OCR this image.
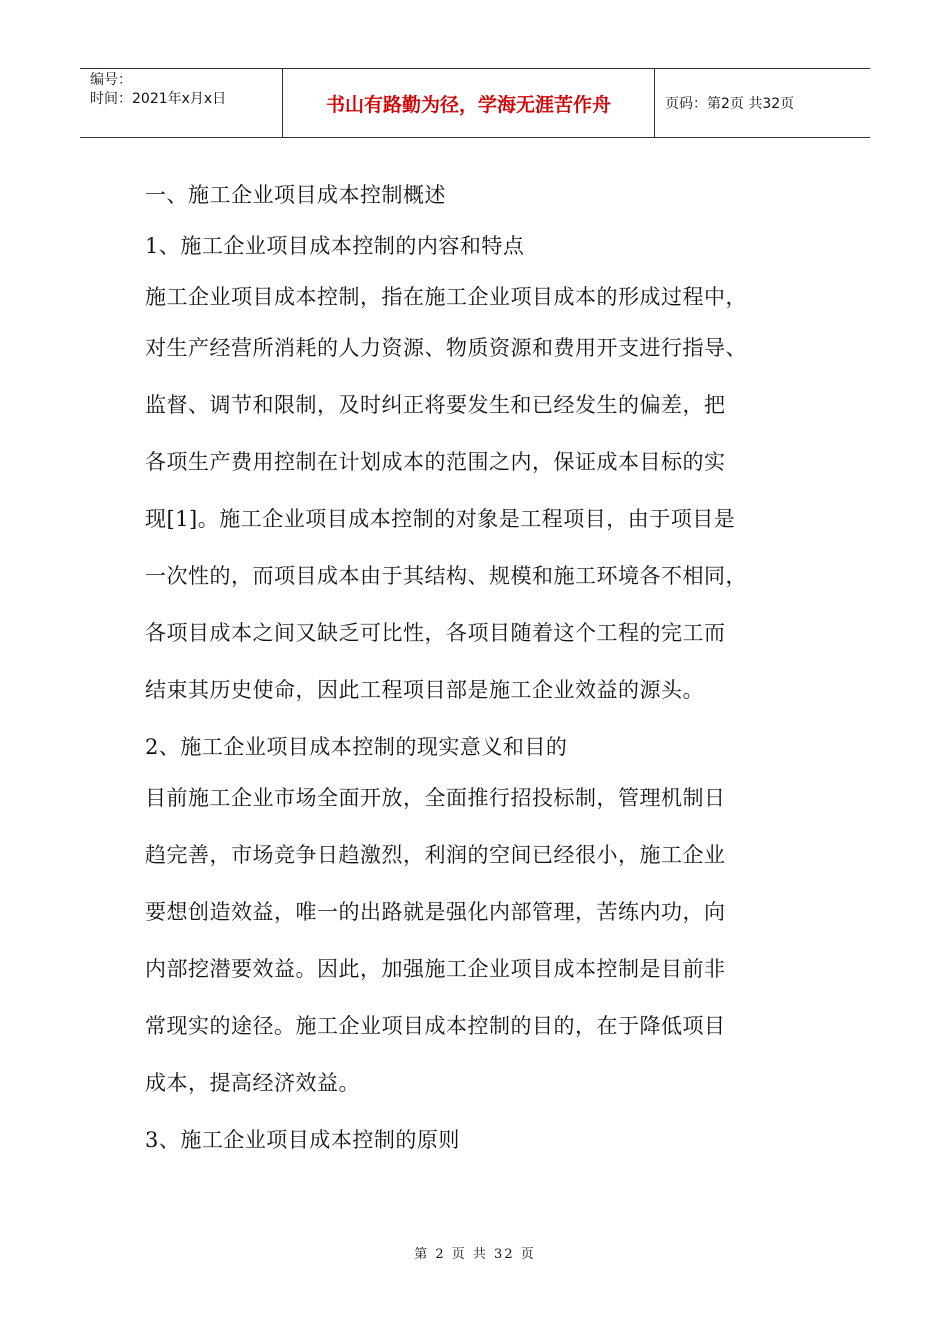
编号：
时间：2021年x月x日	书山有路勤为径，学海无涯苦作舟	页码：第2页 共32页
一、施工企业项目成本控制概述
1、施工企业项目成本控制的内容和特点
施工企业项目成本控制，指在施工企业项目成本的形成过程中，
对生产经营所消耗的人力资源、物质资源和费用开支进行指导、
监督、调节和限制，及时纠正将要发生和已经发生的偏差，把
各项生产费用控制在计划成本的范围之内，保证成本目标的实
现[1]。施工企业项目成本控制的对象是工程项目，由于项目是
一次性的，而项目成本由于其结构、规模和施工环境各不相同，
各项目成本之间又缺乏可比性，各项目随着这个工程的完工而
结束其历史使命，因此工程项目部是施工企业效益的源头。
2、施工企业项目成本控制的现实意义和目的
目前施工企业市场全面开放，全面推行招投标制，管理机制日
趋完善，市场竞争日趋激烈，利润的空间已经很小，施工企业
要想创造效益，唯一的出路就是强化内部管理，苦练内功，向
内部挖潜要效益。因此，加强施工企业项目成本控制是目前非
常现实的途径。施工企业项目成本控制的目的，在于降低项目
成本，提高经济效益。
3、施工企业项目成本控制的原则
第 2 页 共 32 页
